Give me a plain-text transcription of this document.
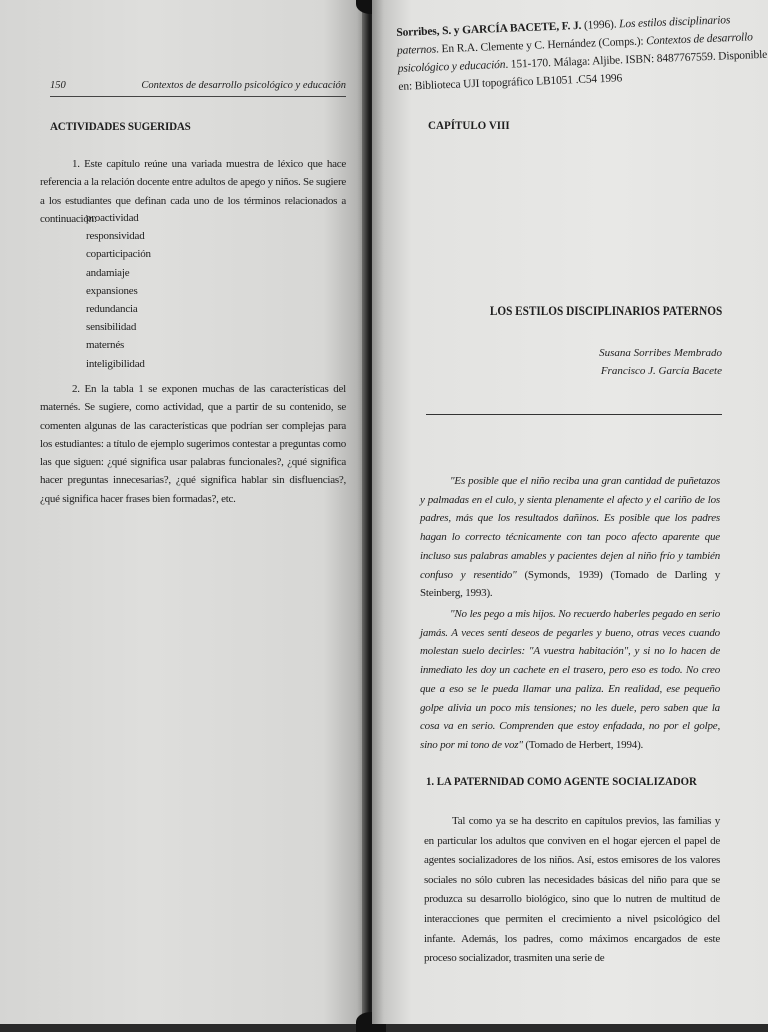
150	Contextos de desarrollo psicológico y educación
ACTIVIDADES SUGERIDAS

1. Este capítulo reúne una variada muestra de léxico que hace referencia a la relación docente entre adultos de apego y niños. Se sugiere a los estudiantes que definan cada uno de los términos relacionados a continuación:

proactividad
responsividad
coparticipación
andamiaje
expansiones
redundancia
sensibilidad
maternés
inteligibilidad

2. En la tabla 1 se exponen muchas de las características del maternés. Se sugiere, como actividad, que a partir de su contenido, se comenten algunas de las características que podrían ser complejas para los estudiantes: a título de ejemplo sugerimos contestar a preguntas como las que siguen: ¿qué significa usar palabras funcionales?, ¿qué significa hacer preguntas innecesarias?, ¿qué significa hablar sin disfluencias?, ¿qué significa hacer frases bien formadas?, etc.

Sorribes, S. y GARCÍA BACETE, F. J. (1996). Los estilos disciplinarios paternos. En R.A. Clemente y C. Hernández (Comps.): Contextos de desarrollo psicológico y educación. 151-170. Málaga: Aljibe. ISBN: 8487767559. Disponible en: Biblioteca UJI topográfico LB1051 .C54 1996
CAPÍTULO VIII
LOS ESTILOS DISCIPLINARIOS PATERNOS
Susana Sorribes Membrado
Francisco J. García Bacete

"Es posible que el niño reciba una gran cantidad de puñetazos y palmadas en el culo, y sienta plenamente el afecto y el cariño de los padres, más que los resultados dañinos. Es posible que los padres hagan lo correcto técnicamente con tan poco afecto aparente que incluso sus palabras amables y pacientes dejen al niño frío y también confuso y resentido" (Symonds, 1939) (Tomado de Darling y Steinberg, 1993).

"No les pego a mis hijos. No recuerdo haberles pegado en serio jamás. A veces sentí deseos de pegarles y bueno, otras veces cuando molestan suelo decirles: "A vuestra habitación", y si no lo hacen de inmediato les doy un cachete en el trasero, pero eso es todo. No creo que a eso se le pueda llamar una paliza. En realidad, ese pequeño golpe alivia un poco mis tensiones; no les duele, pero saben que la cosa va en serio. Comprenden que estoy enfadada, no por el golpe, sino por mi tono de voz" (Tomado de Herbert, 1994).

1. LA PATERNIDAD COMO AGENTE SOCIALIZADOR

Tal como ya se ha descrito en capítulos previos, las familias y en particular los adultos que conviven en el hogar ejercen el papel de agentes socializadores de los niños. Así, estos emisores de los valores sociales no sólo cubren las necesidades básicas del niño para que se produzca su desarrollo biológico, sino que lo nutren de multitud de interacciones que permiten el crecimiento a nivel psicológico del infante. Además, los padres, como máximos encargados de este proceso socializador, trasmiten una serie de
